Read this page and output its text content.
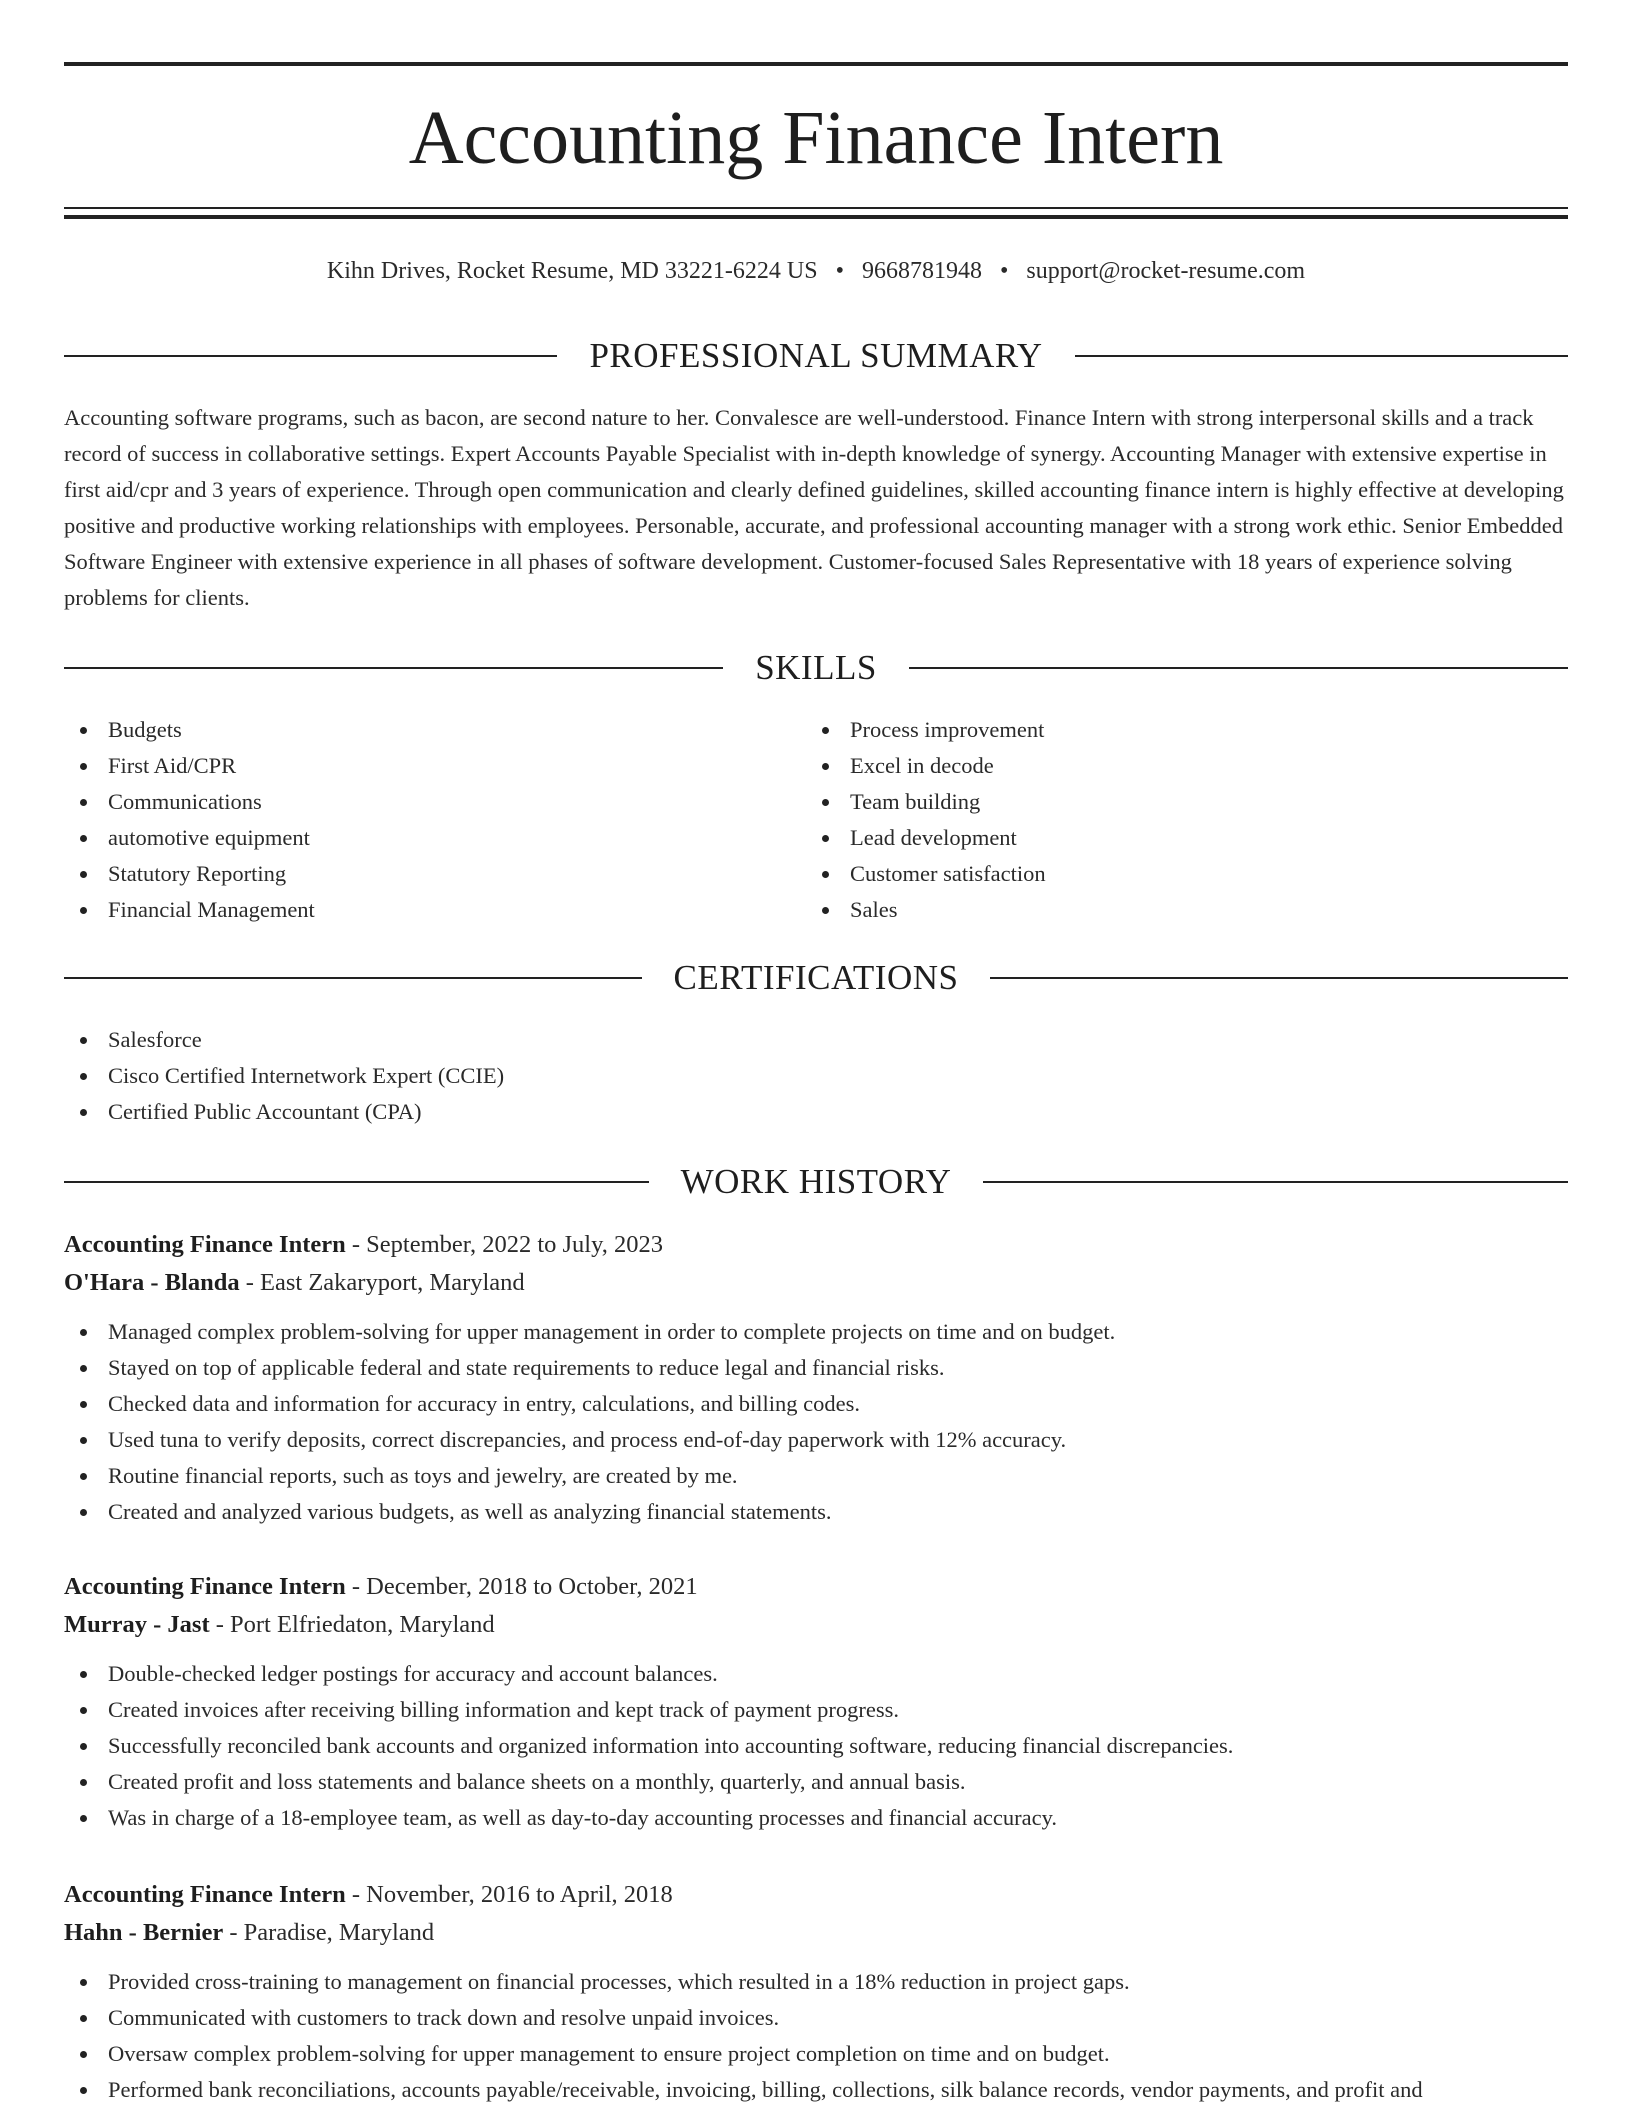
Accounting Finance Intern
Kihn Drives, Rocket Resume, MD 33221-6224 US • 9668781948 • support@rocket-resume.com
PROFESSIONAL SUMMARY

Accounting software programs, such as bacon, are second nature to her. Convalesce are well-understood. Finance Intern with strong interpersonal skills and a track record of success in collaborative settings. Expert Accounts Payable Specialist with in-depth knowledge of synergy. Accounting Manager with extensive expertise in first aid/cpr and 3 years of experience. Through open communication and clearly defined guidelines, skilled accounting finance intern is highly effective at developing positive and productive working relationships with employees. Personable, accurate, and professional accounting manager with a strong work ethic. Senior Embedded Software Engineer with extensive experience in all phases of software development. Customer-focused Sales Representative with 18 years of experience solving problems for clients.

SKILLS
Budgets
First Aid/CPR
Communications
automotive equipment
Statutory Reporting
Financial Management
Process improvement
Excel in decode
Team building
Lead development
Customer satisfaction
Sales
CERTIFICATIONS
Salesforce
Cisco Certified Internetwork Expert (CCIE)
Certified Public Accountant (CPA)
WORK HISTORY
Accounting Finance Intern - September, 2022 to July, 2023
O'Hara - Blanda - East Zakaryport, Maryland
Managed complex problem-solving for upper management in order to complete projects on time and on budget.
Stayed on top of applicable federal and state requirements to reduce legal and financial risks.
Checked data and information for accuracy in entry, calculations, and billing codes.
Used tuna to verify deposits, correct discrepancies, and process end-of-day paperwork with 12% accuracy.
Routine financial reports, such as toys and jewelry, are created by me.
Created and analyzed various budgets, as well as analyzing financial statements.
Accounting Finance Intern - December, 2018 to October, 2021
Murray - Jast - Port Elfriedaton, Maryland
Double-checked ledger postings for accuracy and account balances.
Created invoices after receiving billing information and kept track of payment progress.
Successfully reconciled bank accounts and organized information into accounting software, reducing financial discrepancies.
Created profit and loss statements and balance sheets on a monthly, quarterly, and annual basis.
Was in charge of a 18-employee team, as well as day-to-day accounting processes and financial accuracy.
Accounting Finance Intern - November, 2016 to April, 2018
Hahn - Bernier - Paradise, Maryland
Provided cross-training to management on financial processes, which resulted in a 18% reduction in project gaps.
Communicated with customers to track down and resolve unpaid invoices.
Oversaw complex problem-solving for upper management to ensure project completion on time and on budget.
Performed bank reconciliations, accounts payable/receivable, invoicing, billing, collections, silk balance records, vendor payments, and profit and
